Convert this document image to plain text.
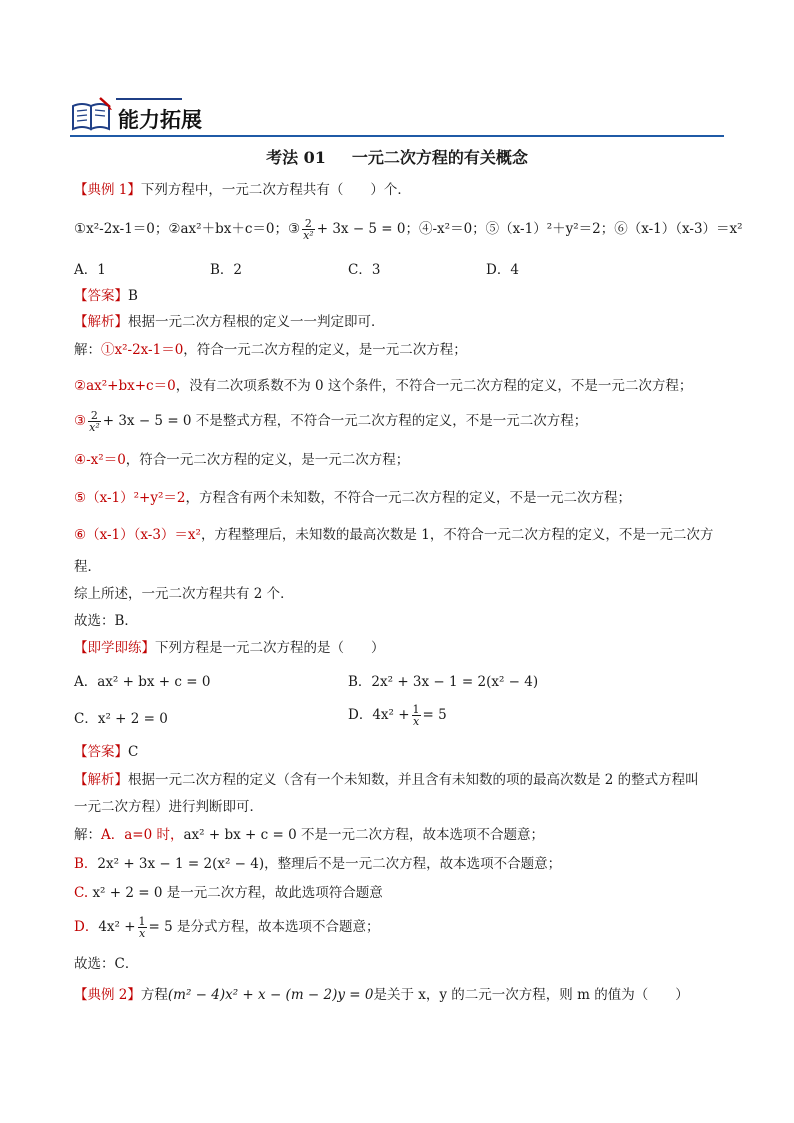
能力拓展
考法 01 一元二次方程的有关概念
【典例 1】下列方程中，一元二次方程共有（　　）个．
①x²-2x-1＝0；②ax²＋bx＋c＝0；③ $\frac{2}{\text{x²}} + 3x - 5 = 0$；④-x²＝0；⑤（x-1）²＋y²＝2；⑥（x-1）（x-3）＝x²
A．1	B．2	C．3	D．4
【答案】B
【解析】根据一元二次方程根的定义一一判定即可．
解：①x²-2x-1＝0，符合一元二次方程的定义，是一元二次方程；
②ax²+bx+c＝0，没有二次项系数不为 0 这个条件，不符合一元二次方程的定义，不是一元二次方程；
③ $\frac{2}{\text{x²}} + 3x - 5 = 0$ 不是整式方程，不符合一元二次方程的定义，不是一元二次方程；
④-x²＝0，符合一元二次方程的定义，是一元二次方程；
⑤（x-1）²+y²＝2，方程含有两个未知数，不符合一元二次方程的定义，不是一元二次方程；
⑥（x-1）（x-3）＝x²，方程整理后，未知数的最高次数是 1，不符合一元二次方程的定义，不是一元二次方
程．
综上所述，一元二次方程共有 2 个．
故选：B．
【即学即练】下列方程是一元二次方程的是（　　）
A．ax² + bx + c = 0	B．2x² + 3x − 1 = 2(x² − 4)
C．x² + 2 = 0	D．$4x^2 + \frac{1}{x} = 5$
【答案】C
【解析】根据一元二次方程的定义（含有一个未知数，并且含有未知数的项的最高次数是 2 的整式方程叫
一元二次方程）进行判断即可．
解：A．a=0 时，ax² + bx + c = 0 不是一元二次方程，故本选项不合题意；
B．2x² + 3x − 1 = 2(x² − 4)，整理后不是一元二次方程，故本选项不合题意；
C. x² + 2 = 0 是一元二次方程，故此选项符合题意
D．$4x^2 + \frac{1}{x} = 5$ 是分式方程，故本选项不合题意；
故选：C．
【典例 2】方程(m² − 4)x² + x − (m − 2)y = 0是关于 x，y 的二元一次方程，则 m 的值为（　　）
